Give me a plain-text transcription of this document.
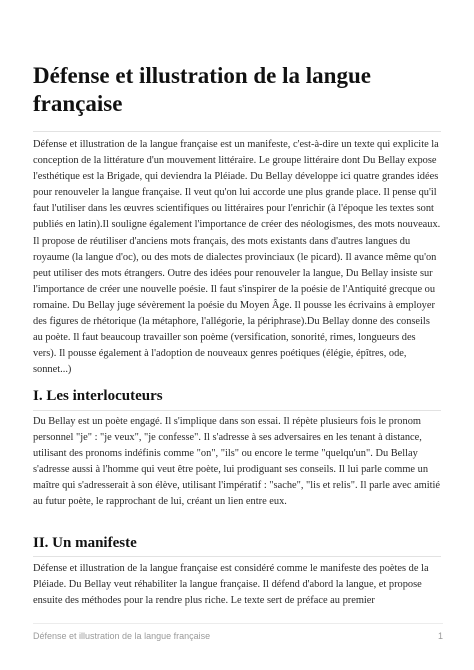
Défense et illustration de la langue française

Défense et illustration de la langue française est un manifeste, c'est-à-dire un texte qui explicite la conception de la littérature d'un mouvement littéraire. Le groupe littéraire dont Du Bellay expose l'esthétique est la Brigade, qui deviendra la Pléiade. Du Bellay développe ici quatre grandes idées pour renouveler la langue française. Il veut qu'on lui accorde une plus grande place. Il pense qu'il faut l'utiliser dans les œuvres scientifiques ou littéraires pour l'enrichir (à l'époque les textes sont publiés en latin).Il souligne également l'importance de créer des néologismes, des mots nouveaux. Il propose de réutiliser d'anciens mots français, des mots existants dans d'autres langues du royaume (la langue d'oc), ou des mots de dialectes provinciaux (le picard). Il avance même qu'on peut utiliser des mots étrangers. Outre des idées pour renouveler la langue, Du Bellay insiste sur l'importance de créer une nouvelle poésie. Il faut s'inspirer de la poésie de l'Antiquité grecque ou romaine. Du Bellay juge sévèrement la poésie du Moyen Âge. Il pousse les écrivains à employer des figures de rhétorique (la métaphore, l'allégorie, la périphrase).Du Bellay donne des conseils au poète. Il faut beaucoup travailler son poème (versification, sonorité, rimes, longueurs des vers). Il pousse également à l'adoption de nouveaux genres poétiques (élégie, épîtres, ode, sonnet...)

I. Les interlocuteurs

Du Bellay est un poète engagé. Il s'implique dans son essai. Il répète plusieurs fois le pronom personnel "je" : "je veux", "je confesse". Il s'adresse à ses adversaires en les tenant à distance, utilisant des pronoms indéfinis comme "on", "ils" ou encore le terme "quelqu'un". Du Bellay s'adresse aussi à l'homme qui veut être poète, lui prodiguant ses conseils. Il lui parle comme un maître qui s'adresserait à son élève, utilisant l'impératif : "sache", "lis et relis". Il parle avec amitié au futur poète, le rapprochant de lui, créant un lien entre eux.

II. Un manifeste

Défense et illustration de la langue française est considéré comme le manifeste des poètes de la Pléiade. Du Bellay veut réhabiliter la langue française. Il défend d'abord la langue, et propose ensuite des méthodes pour la rendre plus riche. Le texte sert de préface au premier

Défense et illustration de la langue française	1
